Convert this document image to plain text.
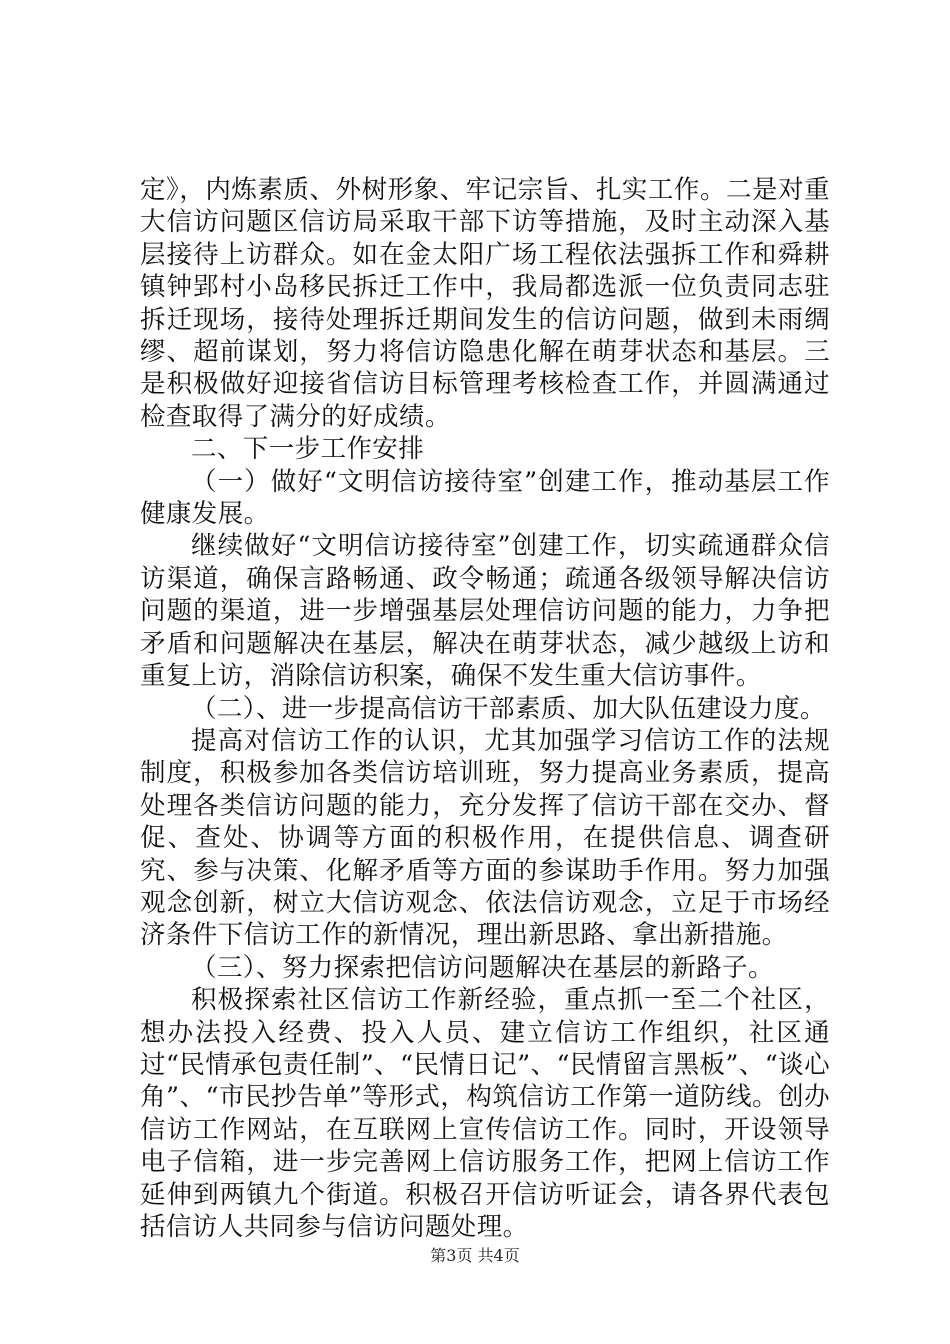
定》，内炼素质、外树形象、牢记宗旨、扎实工作。二是对重大信访问题区信访局采取干部下访等措施，及时主动深入基层接待上访群众。如在金太阳广场工程依法强拆工作和舜耕镇钟郢村小岛移民拆迁工作中，我局都选派一位负责同志驻拆迁现场，接待处理拆迁期间发生的信访问题，做到未雨绸缪、超前谋划，努力将信访隐患化解在萌芽状态和基层。三是积极做好迎接省信访目标管理考核检查工作，并圆满通过检查取得了满分的好成绩。

二、下一步工作安排

（一）做好“文明信访接待室”创建工作，推动基层工作健康发展。

继续做好“文明信访接待室”创建工作，切实疏通群众信访渠道，确保言路畅通、政令畅通；疏通各级领导解决信访问题的渠道，进一步增强基层处理信访问题的能力，力争把矛盾和问题解决在基层，解决在萌芽状态，减少越级上访和重复上访，消除信访积案，确保不发生重大信访事件。

（二）、进一步提高信访干部素质、加大队伍建设力度。

提高对信访工作的认识，尤其加强学习信访工作的法规制度，积极参加各类信访培训班，努力提高业务素质，提高处理各类信访问题的能力，充分发挥了信访干部在交办、督促、查处、协调等方面的积极作用，在提供信息、调查研究、参与决策、化解矛盾等方面的参谋助手作用。努力加强观念创新，树立大信访观念、依法信访观念，立足于市场经济条件下信访工作的新情况，理出新思路、拿出新措施。

（三）、努力探索把信访问题解决在基层的新路子。

积极探索社区信访工作新经验，重点抓一至二个社区，想办法投入经费、投入人员、建立信访工作组织，社区通过“民情承包责任制”、“民情日记”、“民情留言黑板”、“谈心角”、“市民抄告单”等形式，构筑信访工作第一道防线。创办信访工作网站，在互联网上宣传信访工作。同时，开设领导电子信箱，进一步完善网上信访服务工作，把网上信访工作延伸到两镇九个街道。积极召开信访听证会，请各界代表包括信访人共同参与信访问题处理。

第3页 共4页
